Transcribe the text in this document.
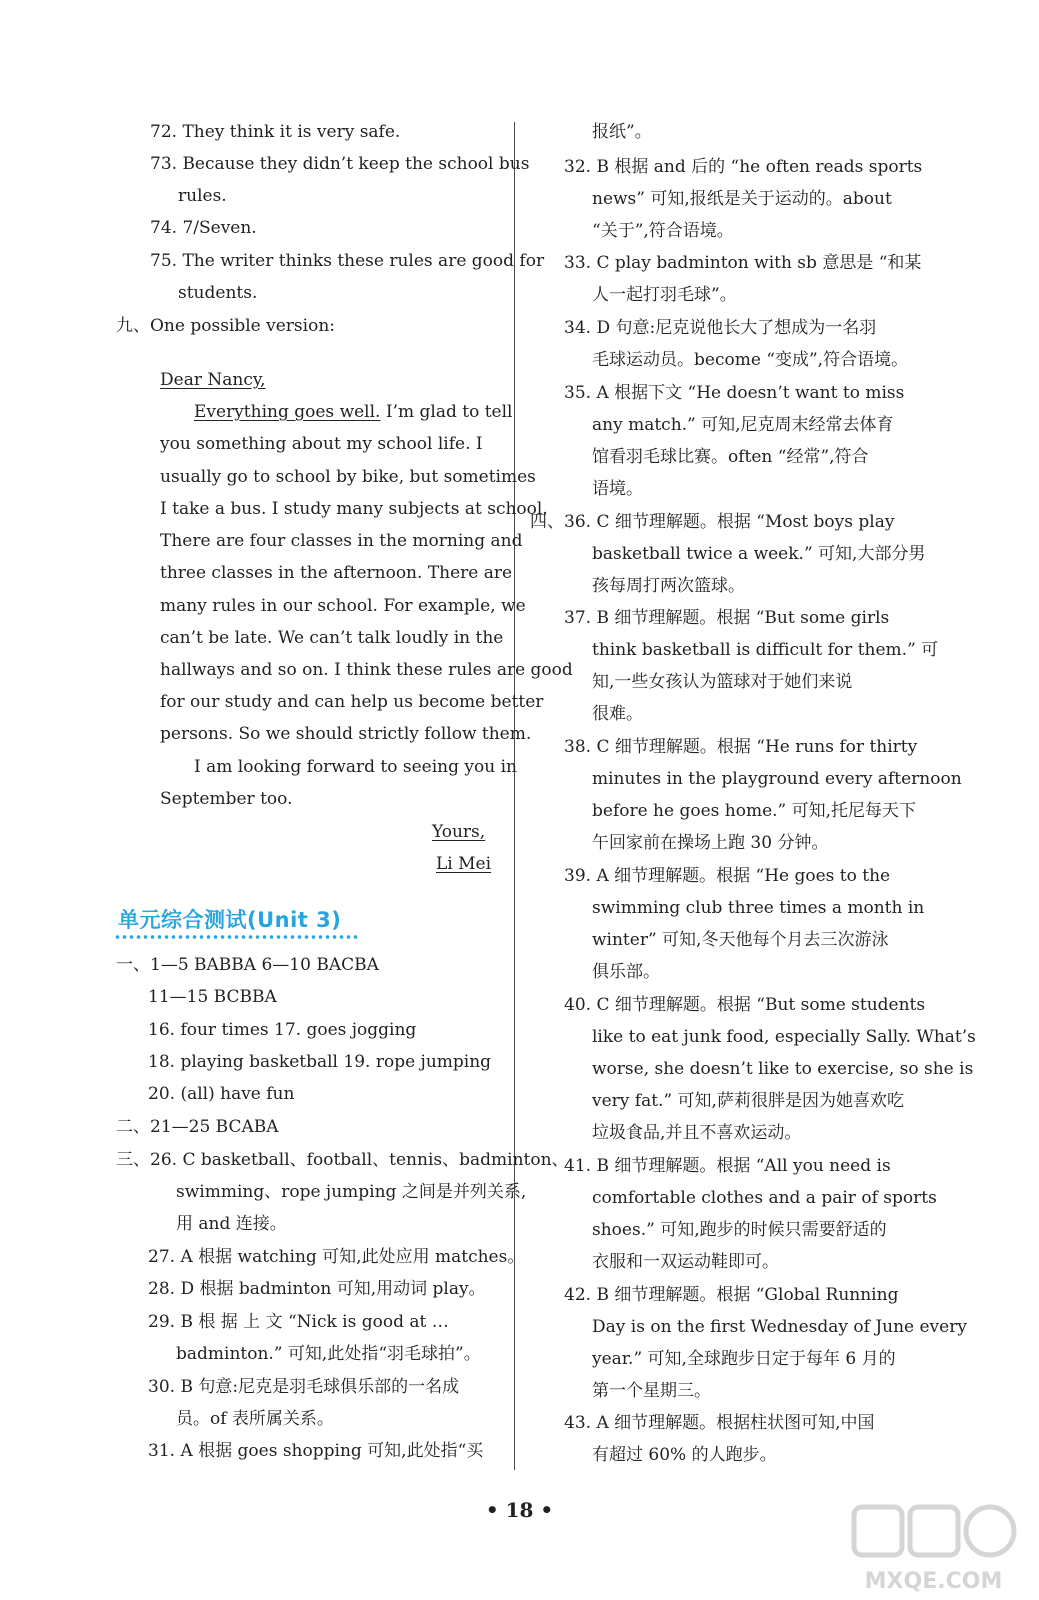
72. They think it is very safe.
73. Because they didn’t keep the school bus
rules.
74. 7/Seven.
75. The writer thinks these rules are good for
students.
九、One possible version:
Dear Nancy,
Everything goes well. I’m glad to tell
you something about my school life. I
usually go to school by bike, but sometimes
I take a bus. I study many subjects at school.
There are four classes in the morning and
three classes in the afternoon. There are
many rules in our school. For example, we
can’t be late. We can’t talk loudly in the
hallways and so on. I think these rules are good
for our study and can help us become better
persons. So we should strictly follow them.
I am looking forward to seeing you in
September too.
Yours,
Li Mei
一、1—5 BABBA 6—10 BACBA
11—15 BCBBA
16. four times 17. goes jogging
18. playing basketball 19. rope jumping
20. (all) have fun
二、21—25 BCABA
三、26. C basketball、football、tennis、badminton、
swimming、rope jumping 之间是并列关系,
用 and 连接。
27. A 根据 watching 可知,此处应用 matches。
28. D 根据 badminton 可知,用动词 play。
29. B 根 据 上 文 “Nick is good at …
badminton.” 可知,此处指“羽毛球拍”。
30. B 句意:尼克是羽毛球俱乐部的一名成
员。of 表所属关系。
31. A 根据 goes shopping 可知,此处指“买
报纸”。
32. B 根据 and 后的 “he often reads sports
news” 可知,报纸是关于运动的。about
“关于”,符合语境。
33. C play badminton with sb 意思是 “和某
人一起打羽毛球”。
34. D 句意:尼克说他长大了想成为一名羽
毛球运动员。become “变成”,符合语境。
35. A 根据下文 “He doesn’t want to miss
any match.” 可知,尼克周末经常去体育
馆看羽毛球比赛。often “经常”,符合
语境。
四、36. C 细节理解题。根据 “Most boys play
basketball twice a week.” 可知,大部分男
孩每周打两次篮球。
37. B 细节理解题。根据 “But some girls
think basketball is difficult for them.” 可
知,一些女孩认为篮球对于她们来说
很难。
38. C 细节理解题。根据 “He runs for thirty
minutes in the playground every afternoon
before he goes home.” 可知,托尼每天下
午回家前在操场上跑 30 分钟。
39. A 细节理解题。根据 “He goes to the
swimming club three times a month in
winter” 可知,冬天他每个月去三次游泳
俱乐部。
40. C 细节理解题。根据 “But some students
like to eat junk food, especially Sally. What’s
worse, she doesn’t like to exercise, so she is
very fat.” 可知,萨莉很胖是因为她喜欢吃
垃圾食品,并且不喜欢运动。
41. B 细节理解题。根据 “All you need is
comfortable clothes and a pair of sports
shoes.” 可知,跑步的时候只需要舒适的
衣服和一双运动鞋即可。
42. B 细节理解题。根据 “Global Running
Day is on the first Wednesday of June every
year.” 可知,全球跑步日定于每年 6 月的
第一个星期三。
43. A 细节理解题。根据柱状图可知,中国
有超过 60% 的人跑步。
单元综合测试(Unit 3)
• 18 •
MXQE.COM
